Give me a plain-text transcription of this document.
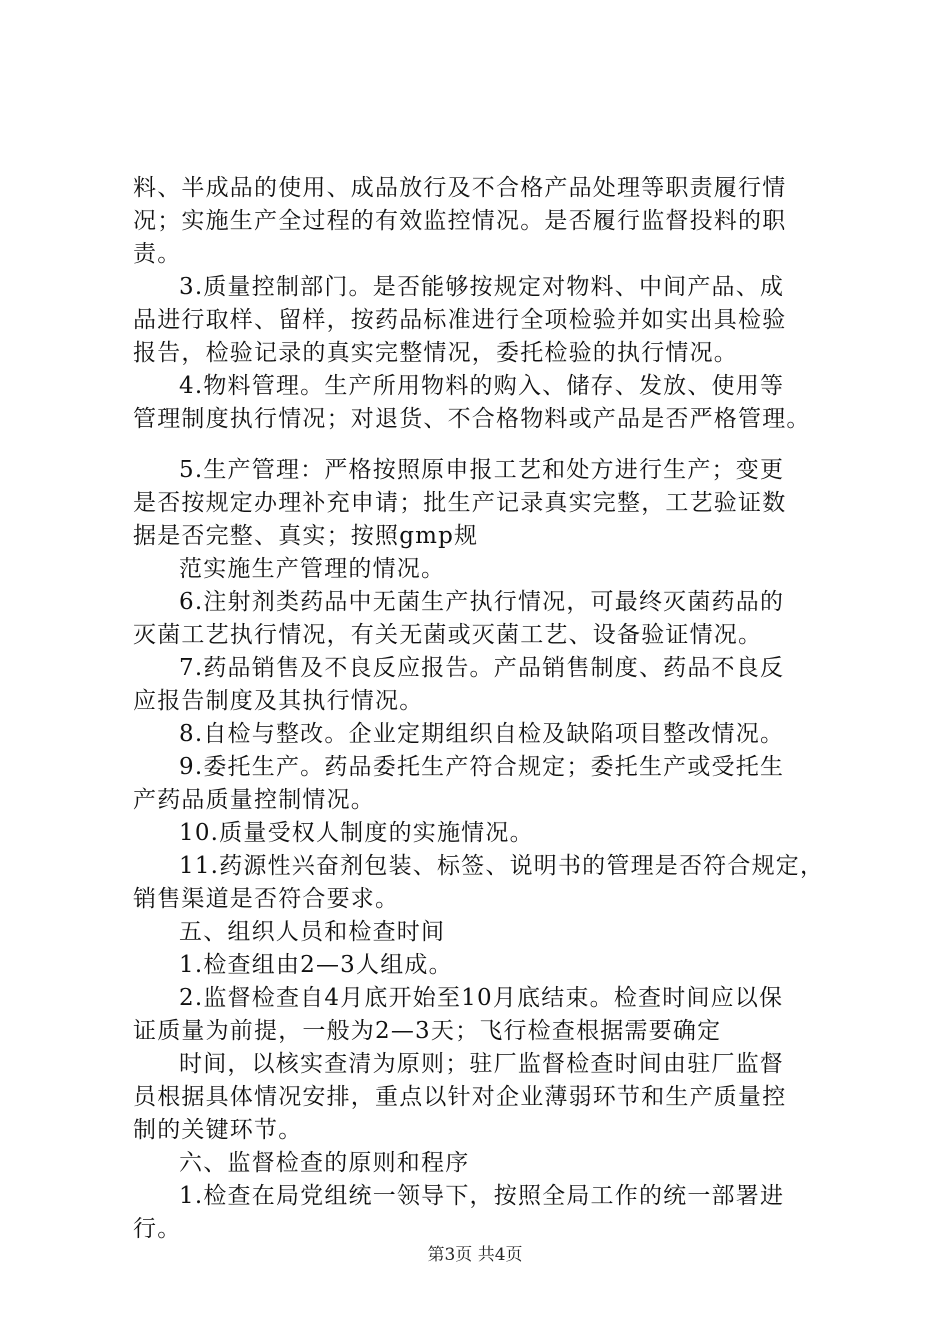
料、半成品的使用、成品放行及不合格产品处理等职责履行情
况；实施生产全过程的有效监控情况。是否履行监督投料的职
责。
3.质量控制部门。是否能够按规定对物料、中间产品、成
品进行取样、留样，按药品标准进行全项检验并如实出具检验
报告，检验记录的真实完整情况，委托检验的执行情况。
4.物料管理。生产所用物料的购入、储存、发放、使用等
管理制度执行情况；对退货、不合格物料或产品是否严格管理。
5.生产管理：严格按照原申报工艺和处方进行生产；变更
是否按规定办理补充申请；批生产记录真实完整，工艺验证数
据是否完整、真实；按照gmp规
范实施生产管理的情况。
6.注射剂类药品中无菌生产执行情况，可最终灭菌药品的
灭菌工艺执行情况，有关无菌或灭菌工艺、设备验证情况。
7.药品销售及不良反应报告。产品销售制度、药品不良反
应报告制度及其执行情况。
8.自检与整改。企业定期组织自检及缺陷项目整改情况。
9.委托生产。药品委托生产符合规定；委托生产或受托生
产药品质量控制情况。
10.质量受权人制度的实施情况。
11.药源性兴奋剂包装、标签、说明书的管理是否符合规定，
销售渠道是否符合要求。
五、组织人员和检查时间
1.检查组由2—3人组成。
2.监督检查自4月底开始至10月底结束。检查时间应以保
证质量为前提，一般为2—3天；飞行检查根据需要确定
时间，以核实查清为原则；驻厂监督检查时间由驻厂监督
员根据具体情况安排，重点以针对企业薄弱环节和生产质量控
制的关键环节。
六、监督检查的原则和程序
1.检查在局党组统一领导下，按照全局工作的统一部署进
行。
第3页 共4页
